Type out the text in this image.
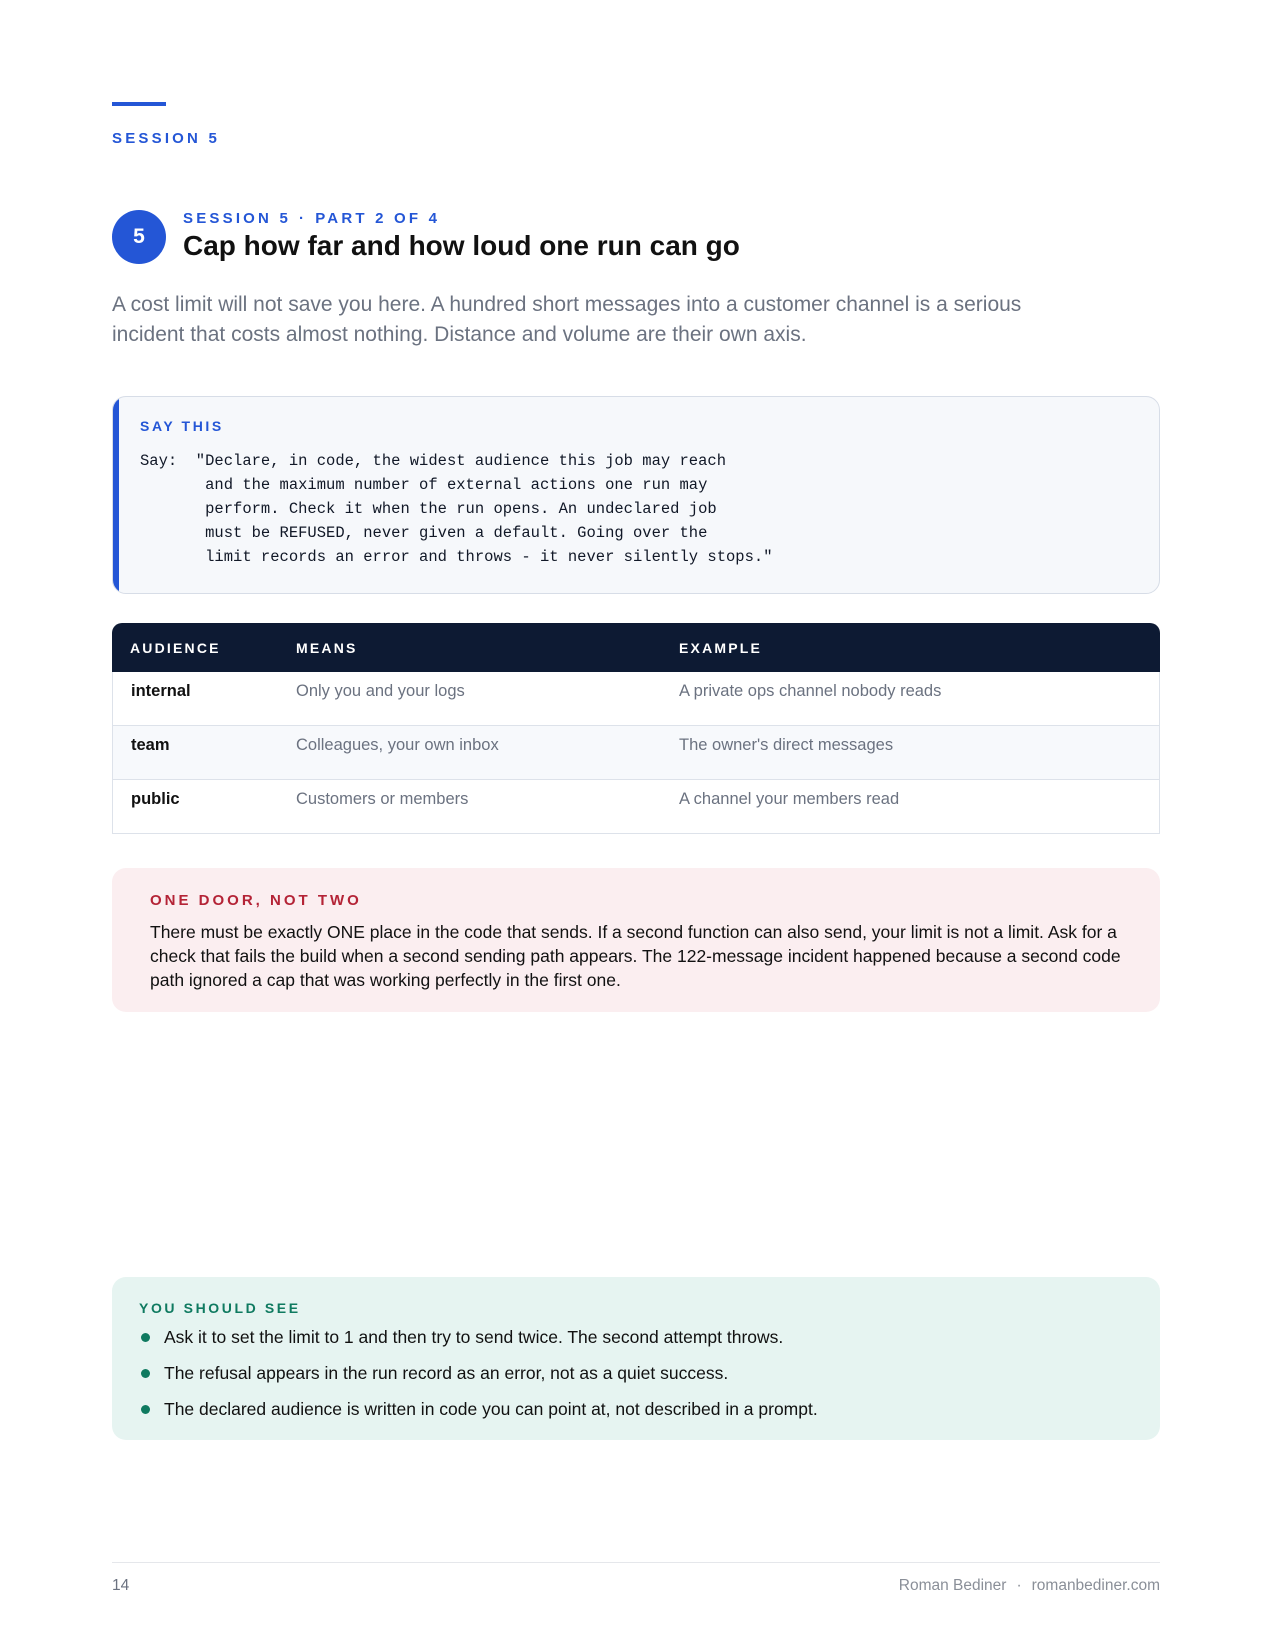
SESSION 5
5
SESSION 5 · PART 2 OF 4
Cap how far and how loud one run can go

A cost limit will not save you here. A hundred short messages into a customer channel is a serious incident that costs almost nothing. Distance and volume are their own axis.

SAY THIS
Say:  "Declare, in code, the widest audience this job may reach
and the maximum number of external actions one run may
perform. Check it when the run opens. An undeclared job
must be REFUSED, never given a default. Going over the
limit records an error and throws - it never silently stops."
AUDIENCE	MEANS	EXAMPLE
internal	Only you and your logs	A private ops channel nobody reads
team	Colleagues, your own inbox	The owner's direct messages
public	Customers or members	A channel your members read
ONE DOOR, NOT TWO

There must be exactly ONE place in the code that sends. If a second function can also send, your limit is not a limit. Ask for a check that fails the build when a second sending path appears. The 122-message incident happened because a second code path ignored a cap that was working perfectly in the first one.

YOU SHOULD SEE
Ask it to set the limit to 1 and then try to send twice. The second attempt throws.
The refusal appears in the run record as an error, not as a quiet success.
The declared audience is written in code you can point at, not described in a prompt.
14	Roman Bediner · romanbediner.com
